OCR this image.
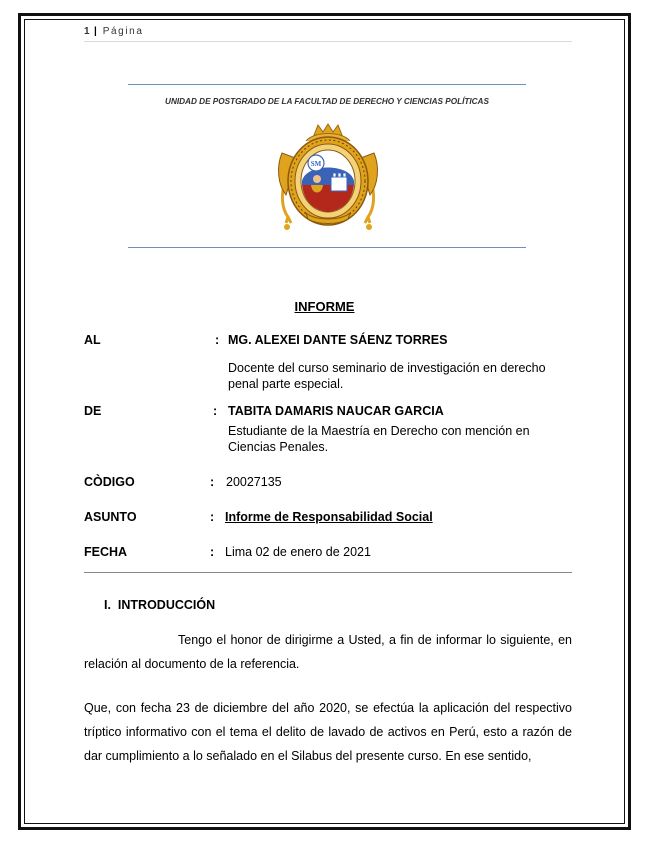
1 | Página
UNIDAD DE POSTGRADO DE LA FACULTAD DE DERECHO Y CIENCIAS POLÍTICAS
SM
INFORME
AL	: MG. ALEXEI DANTE SÁENZ TORRES
Docente del curso seminario de investigación en derecho penal parte especial.
DE	: TABITA DAMARIS NAUCAR GARCIA
Estudiante de la Maestría en Derecho con mención en Ciencias Penales.
CÒDIGO	: 20027135
ASUNTO	: Informe de Responsabilidad Social
FECHA	: Lima 02 de enero de 2021
I. INTRODUCCIÓN
Tengo el honor de dirigirme a Usted, a fin de informar lo siguiente, en relación al documento de la referencia.
Que, con fecha 23 de diciembre del año 2020, se efectúa la aplicación del respectivo tríptico informativo con el tema el delito de lavado de activos en Perú, esto a razón de dar cumplimiento a lo señalado en el Silabus del presente curso. En ese sentido,
